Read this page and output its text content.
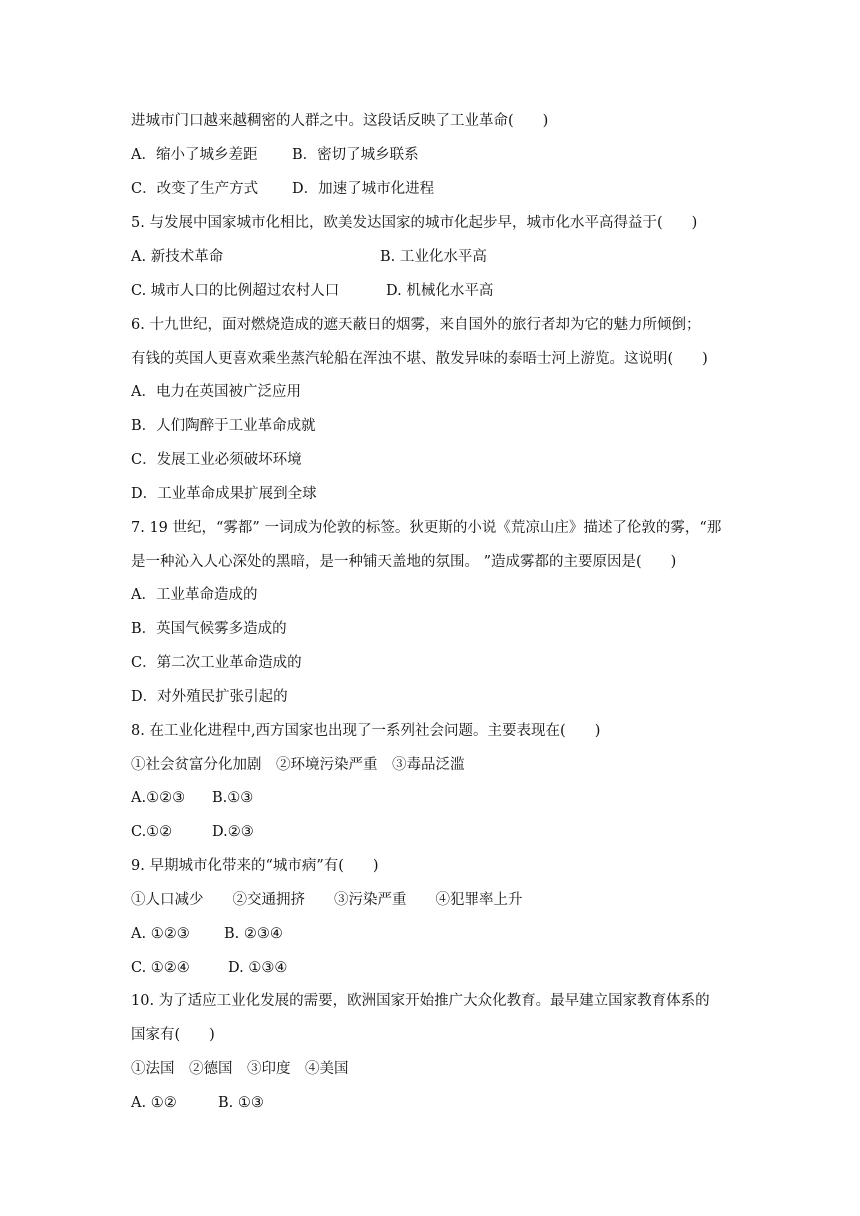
进城市门口越来越稠密的人群之中。这段话反映了工业革命(　　)

A．缩小了城乡差距 B．密切了城乡联系
C．改变了生产方式 D．加速了城市化进程

5. 与发展中国家城市化相比，欧美发达国家的城市化起步早，城市化水平高得益于(　　)

A. 新技术革命	B. 工业化水平高
C. 城市人口的比例超过农村人口	D. 机械化水平高

6. 十九世纪，面对燃烧造成的遮天蔽日的烟雾，来自国外的旅行者却为它的魅力所倾倒；

有钱的英国人更喜欢乘坐蒸汽轮船在浑浊不堪、散发异味的泰晤士河上游览。这说明(　　)

A．电力在英国被广泛应用

B．人们陶醉于工业革命成就

C．发展工业必须破坏环境

D．工业革命成果扩展到全球

7. 19 世纪，“雾都” 一词成为伦敦的标签。狄更斯的小说《荒凉山庄》描述了伦敦的雾，“那

是一种沁入人心深处的黑暗，是一种铺天盖地的氛围。 ”造成雾都的主要原因是(　　)

A．工业革命造成的

B．英国气候雾多造成的

C．第二次工业革命造成的

D．对外殖民扩张引起的

8. 在工业化进程中,西方国家也出现了一系列社会问题。主要表现在(　　)

①社会贫富分化加剧　②环境污染严重　③毒品泛滥

A.①②③ B.①③
C.①②	D.②③

9. 早期城市化带来的“城市病”有(　　)

①人口减少　　②交通拥挤　　③污染严重　　④犯罪率上升

A. ①②③ B. ②③④
C. ①②④	D. ①③④

10. 为了适应工业化发展的需要，欧洲国家开始推广大众化教育。最早建立国家教育体系的

国家有(　　)

①法国　②德国　③印度　④美国

A. ①②	B. ①③
